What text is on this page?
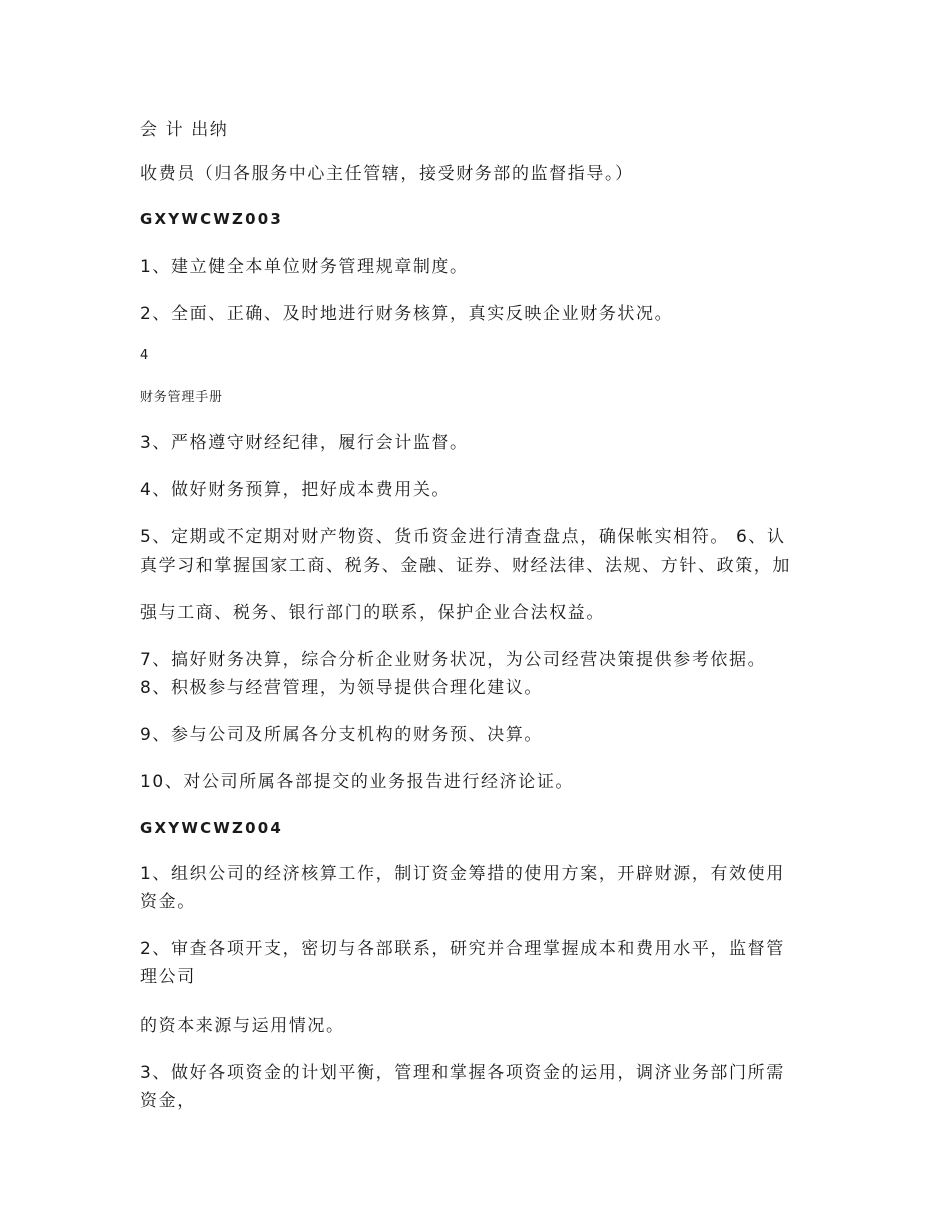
会 计 出纳
收费员（归各服务中心主任管辖，接受财务部的监督指导。）
GXYWCWZ003
1、建立健全本单位财务管理规章制度。
2、全面、正确、及时地进行财务核算，真实反映企业财务状况。
4
财务管理手册
3、严格遵守财经纪律，履行会计监督。
4、做好财务预算，把好成本费用关。
5、定期或不定期对财产物资、货币资金进行清查盘点，确保帐实相符。 6、认
真学习和掌握国家工商、税务、金融、证券、财经法律、法规、方针、政策，加
强与工商、税务、银行部门的联系，保护企业合法权益。
7、搞好财务决算，综合分析企业财务状况，为公司经营决策提供参考依据。
8、积极参与经营管理，为领导提供合理化建议。
9、参与公司及所属各分支机构的财务预、决算。
10、对公司所属各部提交的业务报告进行经济论证。
GXYWCWZ004
1、组织公司的经济核算工作，制订资金筹措的使用方案，开辟财源，有效使用
资金。
2、审查各项开支，密切与各部联系，研究并合理掌握成本和费用水平，监督管
理公司
的资本来源与运用情况。
3、做好各项资金的计划平衡，管理和掌握各项资金的运用，调济业务部门所需
资金，
